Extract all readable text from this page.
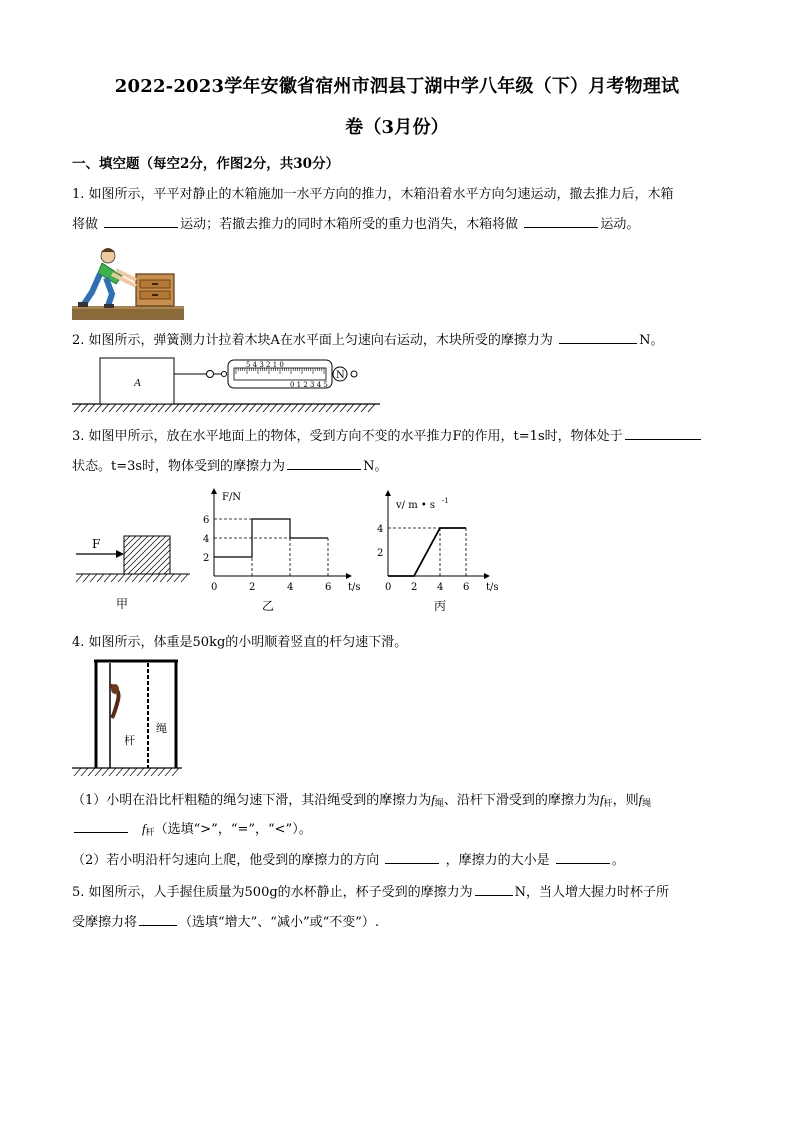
2022-2023学年安徽省宿州市泗县丁湖中学八年级（下）月考物理试
卷（3月份）
一、填空题（每空2分，作图2分，共30分）
1. 如图所示，平平对静止的木箱施加一水平方向的推力，木箱沿着水平方向匀速运动，撤去推力后，木箱
将做	运动；若撤去推力的同时木箱所受的重力也消失，木箱将做	运动。
2. 如图所示，弹簧测力计拉着木块A在水平面上匀速向右运动，木块所受的摩擦力为	N。
A
5 4 3 2 1 0
0 1 2 3 4 5
N
3. 如图甲所示，放在水平地面上的物体，受到方向不变的水平推力F的作用，t=1s时，物体处于
状态。t=3s时，物体受到的摩擦力为	N。
F
甲
0	2	4	6
2
4
6
F/N
t/s
乙
0 2 4 6
2
4
v/ m • s -1
t/s
丙
4. 如图所示，体重是50kg的小明顺着竖直的杆匀速下滑。
杆
绳
（1）小明在沿比杆粗糙的绳匀速下滑，其沿绳受到的摩擦力为$f_绳$、沿杆下滑受到的摩擦力为$f_杆$，则$f_绳$
$f_杆$（选填“>”，“=”，“<”）。
（2）若小明沿杆匀速向上爬，他受到的摩擦力的方向	，摩擦力的大小是	。
5. 如图所示，人手握住质量为500g的水杯静止，杯子受到的摩擦力为	N，当人增大握力时杯子所
受摩擦力将	（选填“增大”、“减小”或“不变”）.
